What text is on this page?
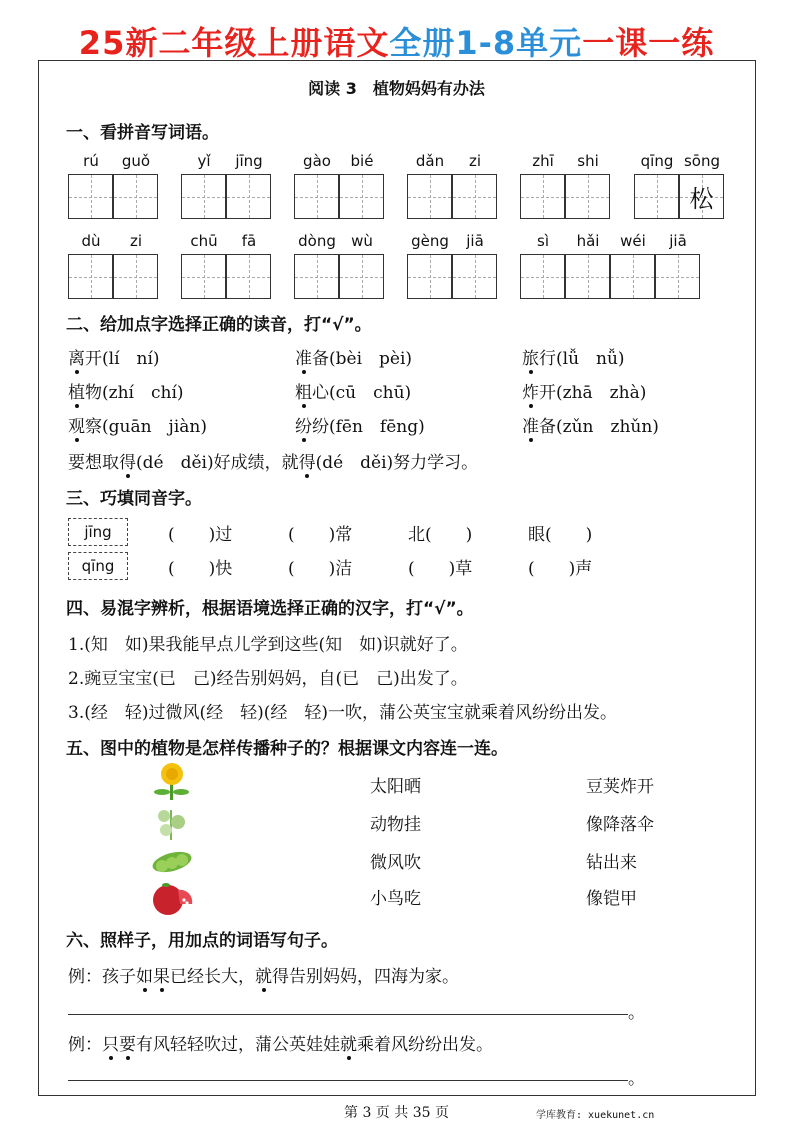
25新二年级上册语文全册1-8单元一课一练
阅读 3　植物妈妈有办法
一、看拼音写词语。
rú	guǒ	yǐ	jīng	gào	bié	dǎn	zi	zhī	shi	qīng sōng
松
dù	zi	chū	fā	dòng	wù	gèng	jiā	sì	hǎi	wéi	jiā
二、给加点字选择正确的读音，打“√”。
离开(lí　ní)	准备(bèi　pèi)	旅行(lǚ　nǚ)
植物(zhí　chí)	粗心(cū　chū)	炸开(zhā　zhà)
观察(guān　jiàn)	纷纷(fēn　fēng)	准备(zǔn　zhǔn)
要想取得(dé　děi)好成绩，就得(dé　děi)努力学习。
三、巧填同音字。
jīng
qīng
(　　)过	(　　)常	北(　　)	眼(　　)
(　　)快	(　　)洁	(　　)草	(　　)声
四、易混字辨析，根据语境选择正确的汉字，打“√”。
1.(知　如)果我能早点儿学到这些(知　如)识就好了。
2.豌豆宝宝(已　己)经告别妈妈，自(已　己)出发了。
3.(经　轻)过微风(经　轻)(经　轻)一吹，蒲公英宝宝就乘着风纷纷出发。
五、图中的植物是怎样传播种子的？根据课文内容连一连。
太阳晒
动物挂
微风吹
小鸟吃
豆荚炸开
像降落伞
钻出来
像铠甲
六、照样子，用加点的词语写句子。
例：孩子如果已经长大，就得告别妈妈，四海为家。
。
例：只要有风轻轻吹过，蒲公英娃娃就乘着风纷纷出发。
。
第 3 页 共 35 页	学库教育: xuekunet.cn
